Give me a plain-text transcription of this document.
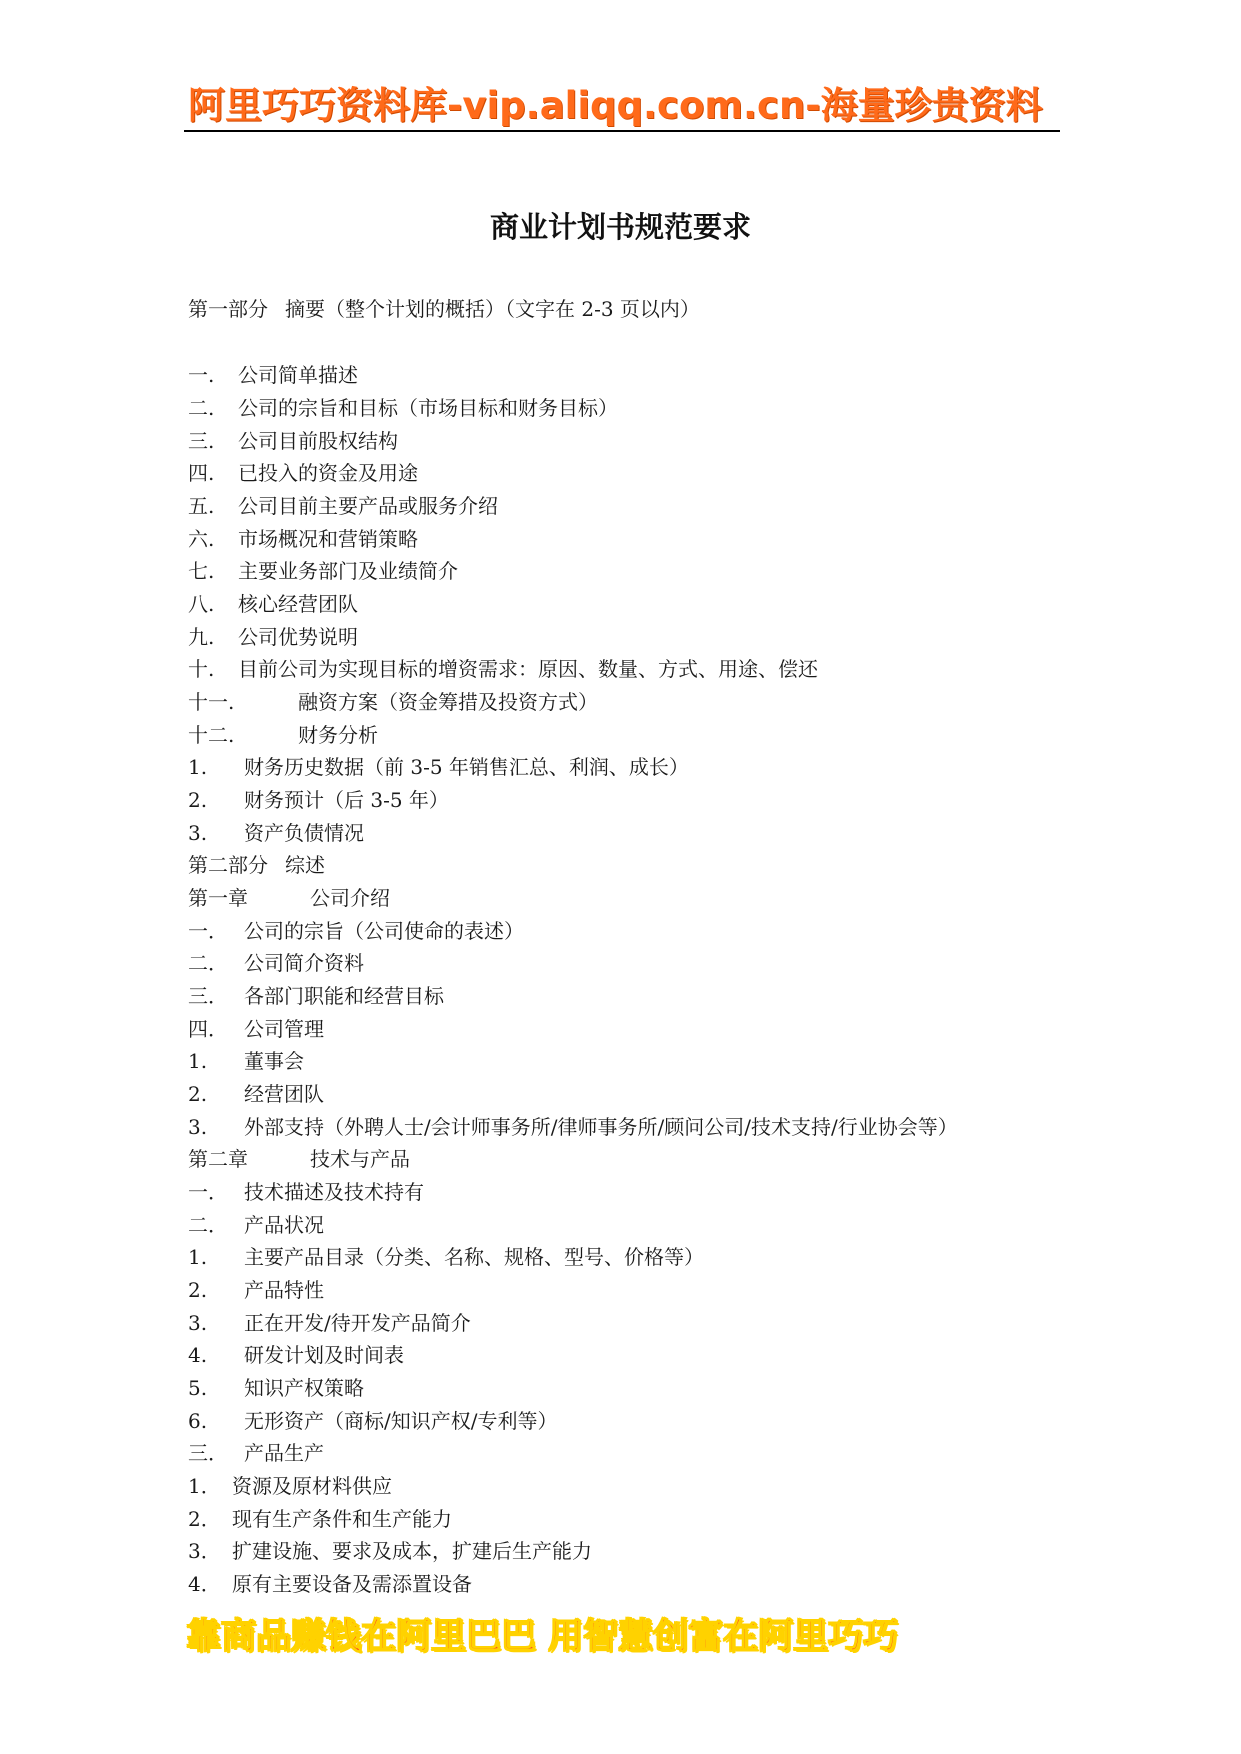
阿里巧巧资料库-vip.aliqq.com.cn-海量珍贵资料
商业计划书规范要求
第一部分 摘要（整个计划的概括）（文字在 2-3 页以内）
一. 公司简单描述
二. 公司的宗旨和目标（市场目标和财务目标）
三. 公司目前股权结构
四. 已投入的资金及用途
五. 公司目前主要产品或服务介绍
六. 市场概况和营销策略
七. 主要业务部门及业绩简介
八. 核心经营团队
九. 公司优势说明
十. 目前公司为实现目标的增资需求：原因、数量、方式、用途、偿还
十一.	融资方案（资金筹措及投资方式）
十二.	财务分析
1. 财务历史数据（前 3-5 年销售汇总、利润、成长）
2. 财务预计（后 3-5 年）
3. 资产负债情况
第二部分 综述
第一章	公司介绍
一． 公司的宗旨（公司使命的表述）
二． 公司简介资料
三． 各部门职能和经营目标
四． 公司管理
1. 董事会
2. 经营团队
3. 外部支持（外聘人士/会计师事务所/律师事务所/顾问公司/技术支持/行业协会等）
第二章	技术与产品
一． 技术描述及技术持有
二． 产品状况
1. 主要产品目录（分类、名称、规格、型号、价格等）
2. 产品特性
3. 正在开发/待开发产品简介
4. 研发计划及时间表
5. 知识产权策略
6. 无形资产（商标/知识产权/专利等）
三． 产品生产
1． 资源及原材料供应
2． 现有生产条件和生产能力
3． 扩建设施、要求及成本，扩建后生产能力
4． 原有主要设备及需添置设备
靠商品赚钱在阿里巴巴 用智慧创富在阿里巧巧
